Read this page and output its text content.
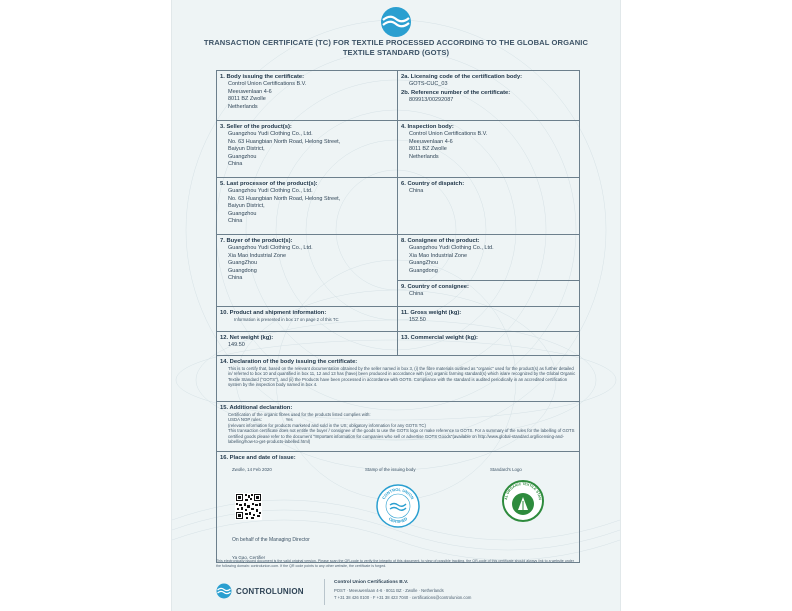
TRANSACTION CERTIFICATE (TC) FOR TEXTILE PROCESSED ACCORDING TO THE GLOBAL ORGANIC TEXTILE STANDARD (GOTS)
1. Body issuing the certificate:
Control Union Certifications B.V.
Meeuwenlaan 4-6
8011 BZ Zwolle
Netherlands
2a. Licensing code of the certification body:
GOTS-CUC_03
2b. Reference number of the certificate:
809913/00292087
3. Seller of the product(s):
Guangzhou Yudi Clothing Co., Ltd.
No. 63 Huangbian North Road, Helong Street,
Baiyun District,
Guangzhou
China
4. Inspection body:
Control Union Certifications B.V.
Meeuwenlaan 4-6
8011 BZ Zwolle
Netherlands
5. Last processor of the product(s):
Guangzhou Yudi Clothing Co., Ltd.
No. 63 Huangbian North Road, Helong Street,
Baiyun District,
Guangzhou
China
6. Country of dispatch:
China
7. Buyer of the product(s):
Guangzhou Yudi Clothing Co., Ltd.
Xia Mao Industrial Zone
GuangZhou
Guangdong
China
8. Consignee of the product:
Guangzhou Yudi Clothing Co., Ltd.
Xia Mao Industrial Zone
GuangZhou
Guangdong
9. Country of consignee:
China
10. Product and shipment information:
Information is presented in box 17 on page 2 of this TC
11. Gross weight (kg):
152.50
12. Net weight (kg):
149.50
13. Commercial weight (kg):
14. Declaration of the body issuing the certificate:
This is to certify that, based on the relevant documentation obtained by the seller named in box 3, (i) the fibre materials outlined as "organic" used for the product(s) as further detailed in/ referred to box 10 and quantified in box 11, 12 and 13 has (have) been produced in accordance with (an) organic farming standard(s) which is/are recognized by the Global Organic Textile Standard ("GOTS"), and (ii) the Products have been processed in accordance with GOTS. Compliance with the standard is audited periodically in an accredited certification system by the inspection body named in box 4.
15. Additional declaration:
Certification of the organic fibres used for the products listed complies with:
USDA NOP rules:                    Yes
(relevant information for products marketed and sold in the US; obligatory information for any GOTS TC)
This transaction certificate does not entitle the buyer / consignee of the goods to use the GOTS logo or make reference to GOTS. For a summary of the rules for the labelling of GOTS certified goods please refer to the document "Important information for companies who sell or advertise GOTS Goods"(available on http://www.global-standard.org/licensing-and-labelling/how-to-get-products-labelled.html)
16. Place and date of issue:
Zwolle, 14 Feb 2020	Stamp of the issuing body	Standard's Logo
CONTROL UNION
CERTIFIED
AL ORGANIC TEXTILE STAN
On behalf of the Managing Director
Ya Gao, Certifier
This electronically issued document is the valid original version. Please scan the QR-code to verify the integrity of this document, to view of possible tracking, the QR-code of this certificate should always link to a website under the following domain: controlunion.com. If the QR code points to any other website, the certificate is forged.
CONTROLUNION
Control Union Certifications B.V.
POST · Meeuwenlaan 4-6 · 8011 BZ · Zwolle · Netherlands
T +31 38 426 0100 · F +31 38 423 7040 · certifications@controlunion.com
